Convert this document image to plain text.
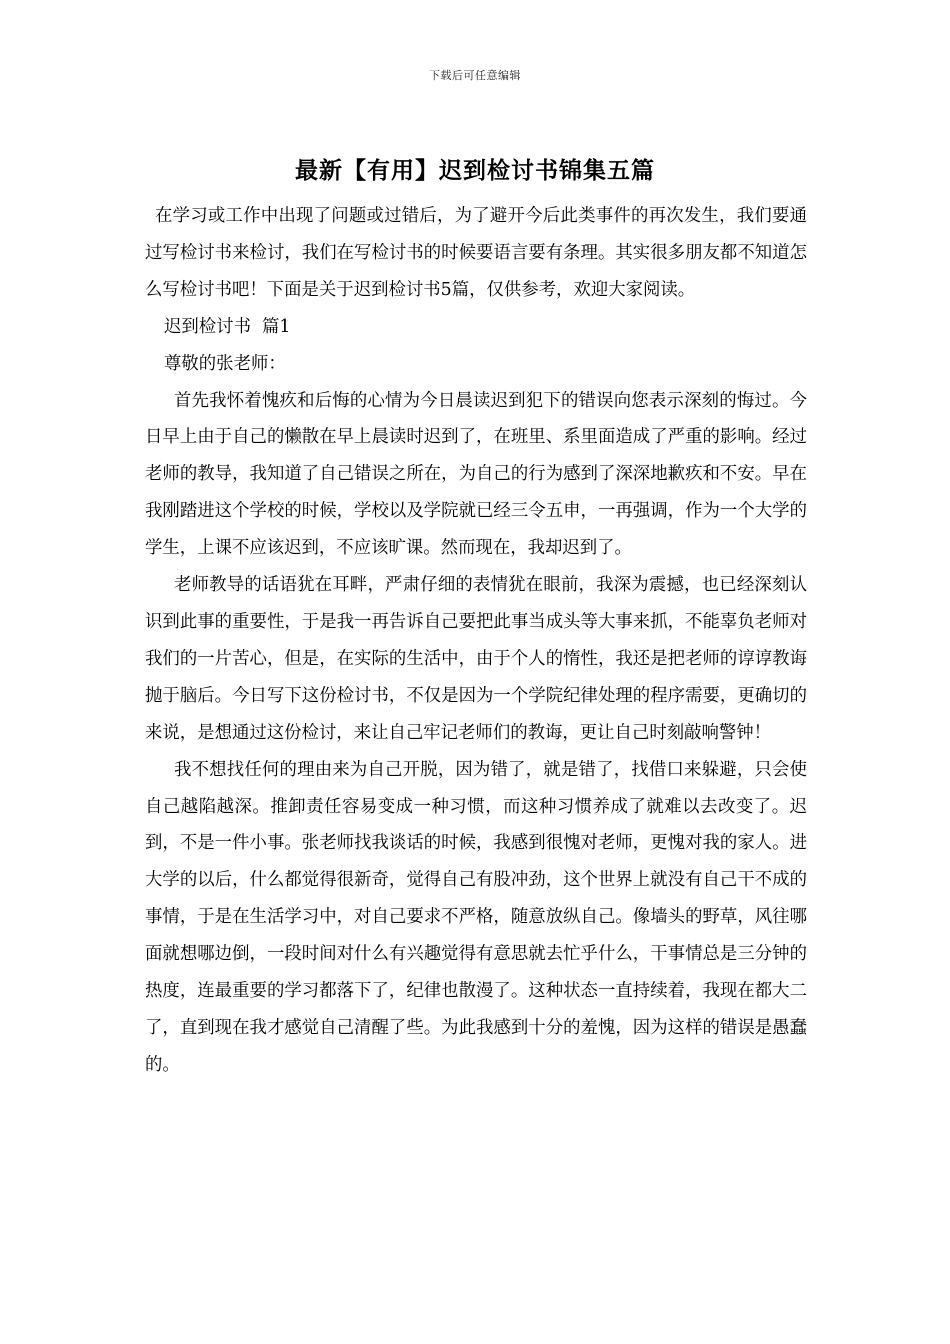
下载后可任意编辑
最新【有用】迟到检讨书锦集五篇

在学习或工作中出现了问题或过错后，为了避开今后此类事件的再次发生，我们要通过写检讨书来检讨，我们在写检讨书的时候要语言要有条理。其实很多朋友都不知道怎么写检讨书吧！下面是关于迟到检讨书5篇，仅供参考，欢迎大家阅读。

迟到检讨书  篇1

尊敬的张老师：

首先我怀着愧疚和后悔的心情为今日晨读迟到犯下的错误向您表示深刻的悔过。今日早上由于自己的懒散在早上晨读时迟到了，在班里、系里面造成了严重的影响。经过老师的教导，我知道了自己错误之所在，为自己的行为感到了深深地歉疚和不安。早在我刚踏进这个学校的时候，学校以及学院就已经三令五申，一再强调，作为一个大学的学生，上课不应该迟到，不应该旷课。然而现在，我却迟到了。

老师教导的话语犹在耳畔，严肃仔细的表情犹在眼前，我深为震撼，也已经深刻认识到此事的重要性，于是我一再告诉自己要把此事当成头等大事来抓，不能辜负老师对我们的一片苦心，但是，在实际的生活中，由于个人的惰性，我还是把老师的谆谆教诲抛于脑后。今日写下这份检讨书，不仅是因为一个学院纪律处理的程序需要，更确切的来说，是想通过这份检讨，来让自己牢记老师们的教诲，更让自己时刻敲响警钟！

我不想找任何的理由来为自己开脱，因为错了，就是错了，找借口来躲避，只会使自己越陷越深。推卸责任容易变成一种习惯，而这种习惯养成了就难以去改变了。迟到，不是一件小事。张老师找我谈话的时候，我感到很愧对老师，更愧对我的家人。进大学的以后，什么都觉得很新奇，觉得自己有股冲劲，这个世界上就没有自己干不成的事情，于是在生活学习中，对自己要求不严格，随意放纵自己。像墙头的野草，风往哪面就想哪边倒，一段时间对什么有兴趣觉得有意思就去忙乎什么，干事情总是三分钟的热度，连最重要的学习都落下了，纪律也散漫了。这种状态一直持续着，我现在都大二了，直到现在我才感觉自己清醒了些。为此我感到十分的羞愧，因为这样的错误是愚蠢的。
